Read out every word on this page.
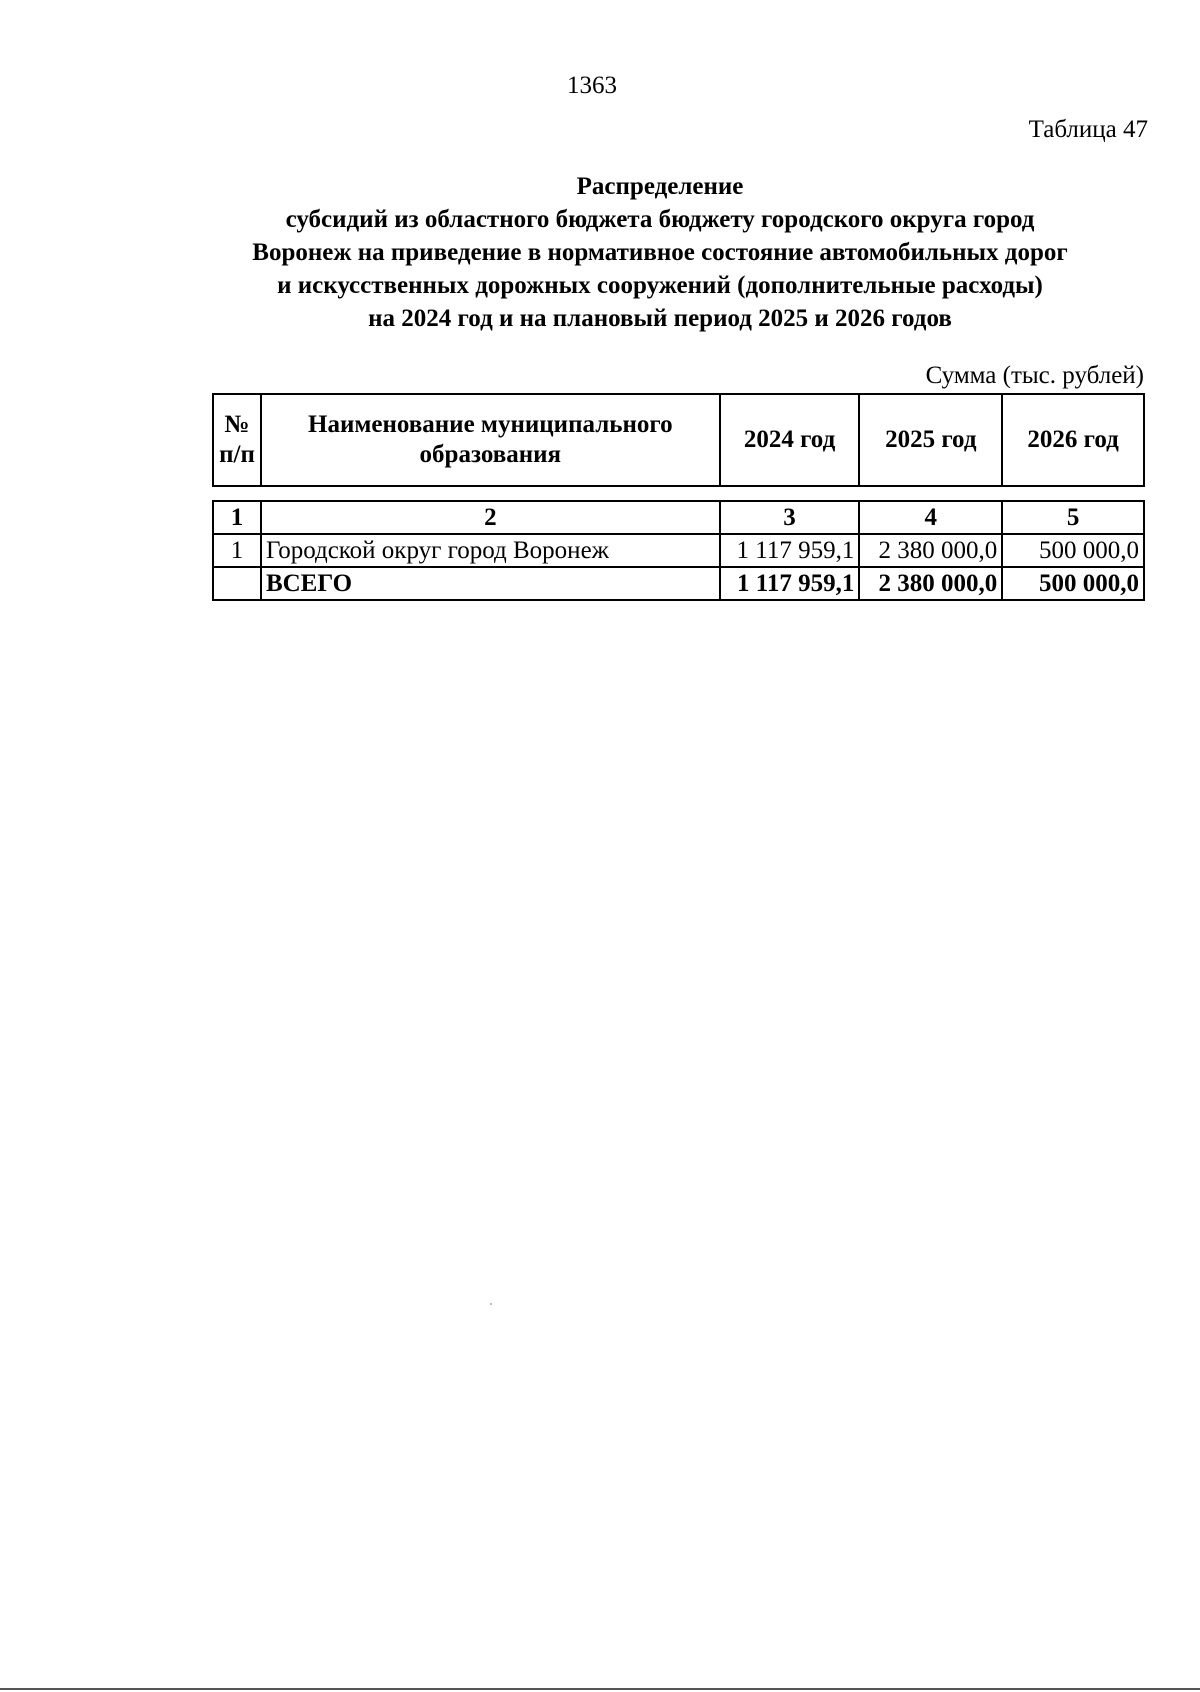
1363
Таблица 47
Распределение
субсидий из областного бюджета бюджету городского округа город
Воронеж на приведение в нормативное состояние автомобильных дорог
и искусственных дорожных сооружений (дополнительные расходы)
на 2024 год и на плановый период 2025 и 2026 годов
Сумма (тыс. рублей)
№ п/п	Наименование муниципального образования	2024 год	2025 год	2026 год
1	2	3	4	5
1	Городской округ город Воронеж	1 117 959,1	2 380 000,0	500 000,0
	ВСЕГО	1 117 959,1	2 380 000,0	500 000,0
